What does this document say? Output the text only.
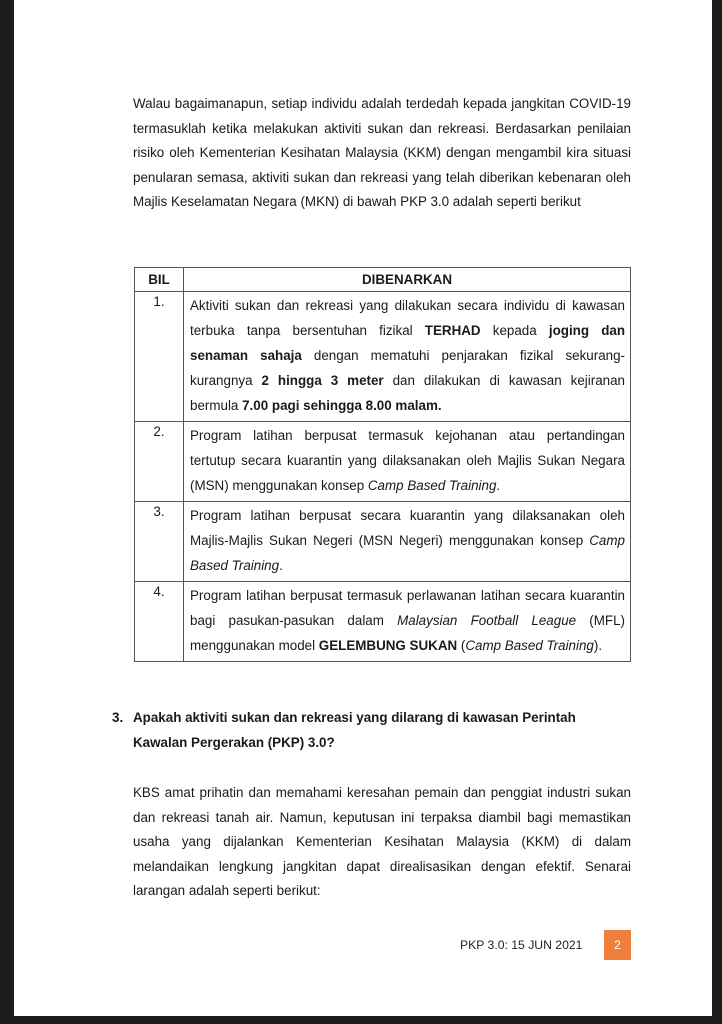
Walau bagaimanapun, setiap individu adalah terdedah kepada jangkitan COVID-19 termasuklah ketika melakukan aktiviti sukan dan rekreasi. Berdasarkan penilaian risiko oleh Kementerian Kesihatan Malaysia (KKM) dengan mengambil kira situasi penularan semasa, aktiviti sukan dan rekreasi yang telah diberikan kebenaran oleh Majlis Keselamatan Negara (MKN) di bawah PKP 3.0 adalah seperti berikut

BIL	DIBENARKAN
1.	Aktiviti sukan dan rekreasi yang dilakukan secara individu di kawasan terbuka tanpa bersentuhan fizikal TERHAD kepada joging dan senaman sahaja dengan mematuhi penjarakan fizikal sekurang-kurangnya 2 hingga 3 meter dan dilakukan di kawasan kejiranan bermula 7.00 pagi sehingga 8.00 malam.
2.	Program latihan berpusat termasuk kejohanan atau pertandingan tertutup secara kuarantin yang dilaksanakan oleh Majlis Sukan Negara (MSN) menggunakan konsep Camp Based Training.
3.	Program latihan berpusat secara kuarantin yang dilaksanakan oleh Majlis-Majlis Sukan Negeri (MSN Negeri) menggunakan konsep Camp Based Training.
4.	Program latihan berpusat termasuk perlawanan latihan secara kuarantin bagi pasukan-pasukan dalam Malaysian Football League (MFL) menggunakan model GELEMBUNG SUKAN (Camp Based Training).
3. Apakah aktiviti sukan dan rekreasi yang dilarang di kawasan Perintah Kawalan Pergerakan (PKP) 3.0?

KBS amat prihatin dan memahami keresahan pemain dan penggiat industri sukan dan rekreasi tanah air. Namun, keputusan ini terpaksa diambil bagi memastikan usaha yang dijalankan Kementerian Kesihatan Malaysia (KKM) di dalam melandaikan lengkung jangkitan dapat direalisasikan dengan efektif. Senarai larangan adalah seperti berikut:

PKP 3.0: 15 JUN 2021	2
